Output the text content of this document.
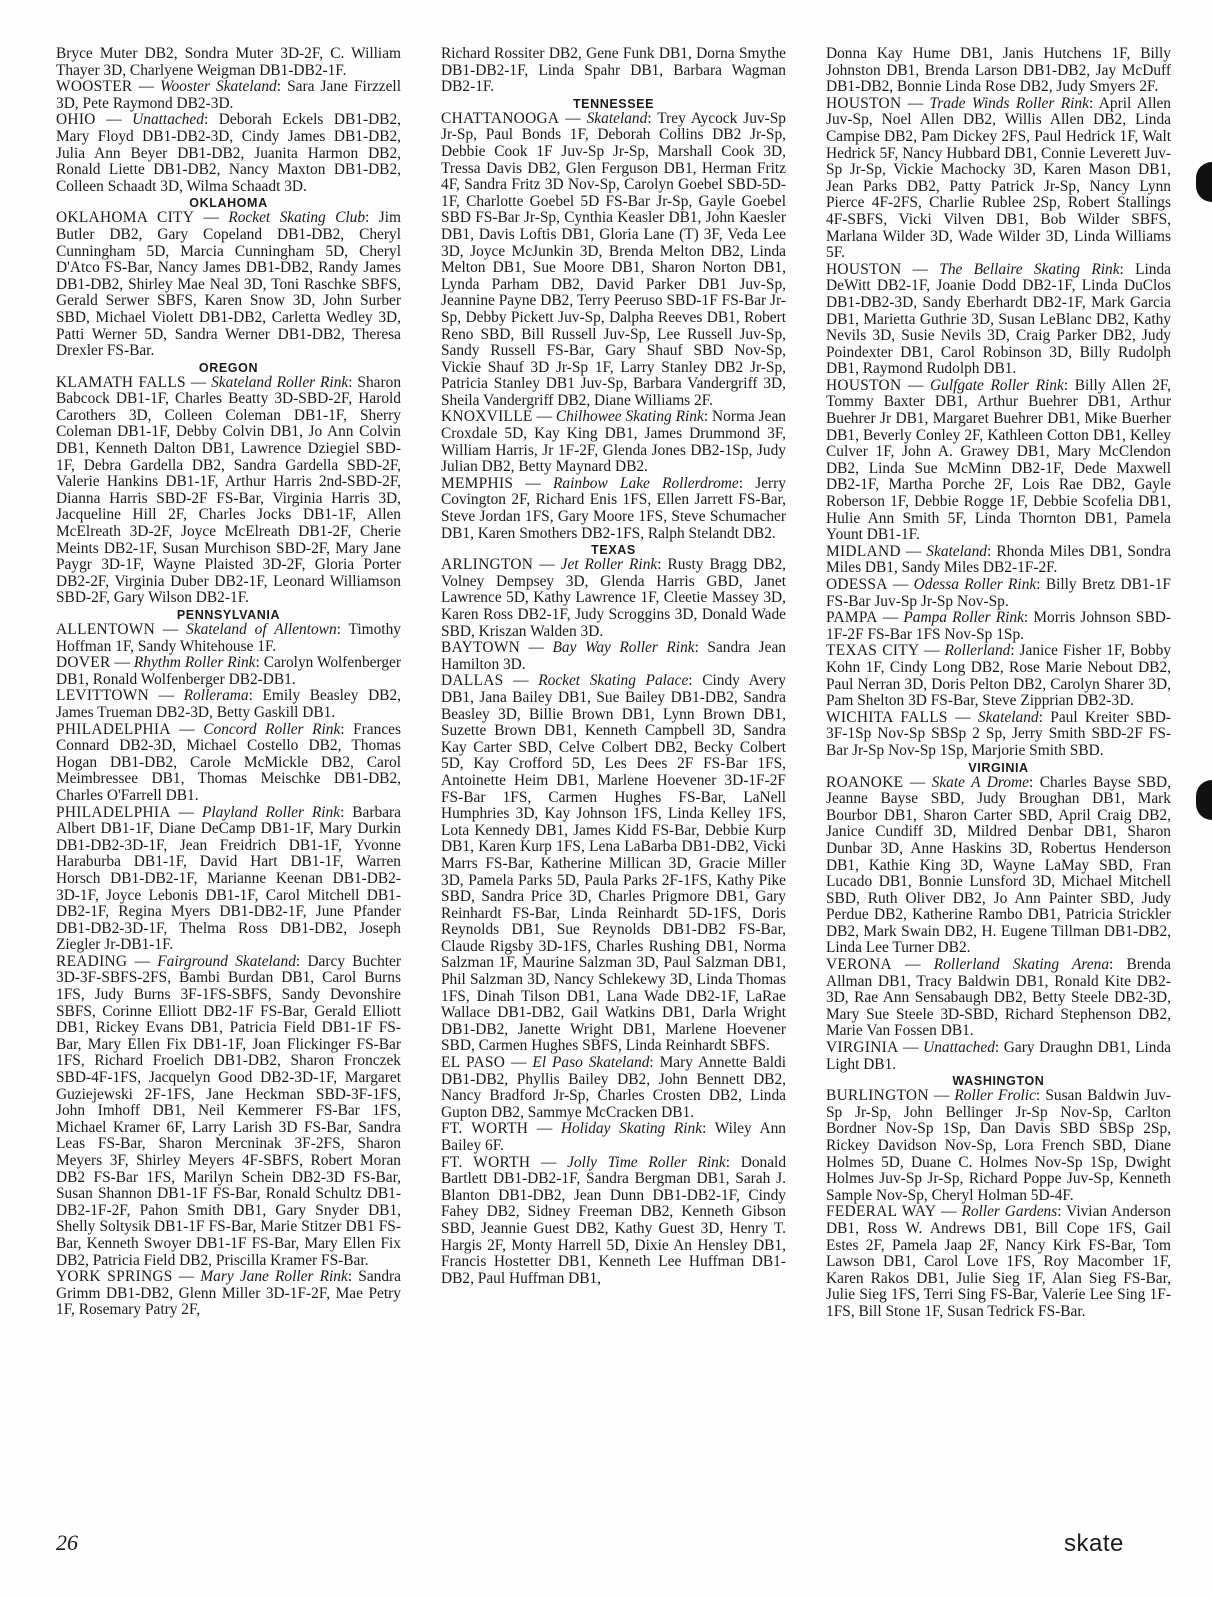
Bryce Muter DB2, Sondra Muter 3D-2F, C. William Thayer 3D, Charlyene Weigman DB1-DB2-1F.

WOOSTER — Wooster Skateland: Sara Jane Firzzell 3D, Pete Raymond DB2-3D.

OHIO — Unattached: Deborah Eckels DB1-DB2, Mary Floyd DB1-DB2-3D, Cindy James DB1-DB2, Julia Ann Beyer DB1-DB2, Juanita Harmon DB2, Ronald Liette DB1-DB2, Nancy Maxton DB1-DB2, Colleen Schaadt 3D, Wilma Schaadt 3D.

OKLAHOMA

OKLAHOMA CITY — Rocket Skating Club: Jim Butler DB2, Gary Copeland DB1-DB2, Cheryl Cunningham 5D, Marcia Cunningham 5D, Cheryl D'Atco FS-Bar, Nancy James DB1-DB2, Randy James DB1-DB2, Shirley Mae Neal 3D, Toni Raschke SBFS, Gerald Serwer SBFS, Karen Snow 3D, John Surber SBD, Michael Violett DB1-DB2, Carletta Wedley 3D, Patti Werner 5D, Sandra Werner DB1-DB2, Theresa Drexler FS-Bar.

OREGON

KLAMATH FALLS — Skateland Roller Rink: Sharon Babcock DB1-1F, Charles Beatty 3D-SBD-2F, Harold Carothers 3D, Colleen Coleman DB1-1F, Sherry Coleman DB1-1F, Debby Colvin DB1, Jo Ann Colvin DB1, Kenneth Dalton DB1, Lawrence Dziegiel SBD-1F, Debra Gardella DB2, Sandra Gardella SBD-2F, Valerie Hankins DB1-1F, Arthur Harris 2nd-SBD-2F, Dianna Harris SBD-2F FS-Bar, Virginia Harris 3D, Jacqueline Hill 2F, Charles Jocks DB1-1F, Allen McElreath 3D-2F, Joyce McElreath DB1-2F, Cherie Meints DB2-1F, Susan Murchison SBD-2F, Mary Jane Paygr 3D-1F, Wayne Plaisted 3D-2F, Gloria Porter DB2-2F, Virginia Duber DB2-1F, Leonard Williamson SBD-2F, Gary Wilson DB2-1F.

PENNSYLVANIA

ALLENTOWN — Skateland of Allentown: Timothy Hoffman 1F, Sandy Whitehouse 1F.

DOVER — Rhythm Roller Rink: Carolyn Wolfenberger DB1, Ronald Wolfenberger DB2-DB1.

LEVITTOWN — Rollerama: Emily Beasley DB2, James Trueman DB2-3D, Betty Gaskill DB1.

PHILADELPHIA — Concord Roller Rink: Frances Connard DB2-3D, Michael Costello DB2, Thomas Hogan DB1-DB2, Carole McMickle DB2, Carol Meimbressee DB1, Thomas Meischke DB1-DB2, Charles O'Farrell DB1.

PHILADELPHIA — Playland Roller Rink: Barbara Albert DB1-1F, Diane DeCamp DB1-1F, Mary Durkin DB1-DB2-3D-1F, Jean Freidrich DB1-1F, Yvonne Haraburba DB1-1F, David Hart DB1-1F, Warren Horsch DB1-DB2-1F, Marianne Keenan DB1-DB2-3D-1F, Joyce Lebonis DB1-1F, Carol Mitchell DB1-DB2-1F, Regina Myers DB1-DB2-1F, June Pfander DB1-DB2-3D-1F, Thelma Ross DB1-DB2, Joseph Ziegler Jr-DB1-1F.

READING — Fairground Skateland: Darcy Buchter 3D-3F-SBFS-2FS, Bambi Burdan DB1, Carol Burns 1FS, Judy Burns 3F-1FS-SBFS, Sandy Devonshire SBFS, Corinne Elliott DB2-1F FS-Bar, Gerald Elliott DB1, Rickey Evans DB1, Patricia Field DB1-1F FS-Bar, Mary Ellen Fix DB1-1F, Joan Flickinger FS-Bar 1FS, Richard Froelich DB1-DB2, Sharon Fronczek SBD-4F-1FS, Jacquelyn Good DB2-3D-1F, Margaret Guziejewski 2F-1FS, Jane Heckman SBD-3F-1FS, John Imhoff DB1, Neil Kemmerer FS-Bar 1FS, Michael Kramer 6F, Larry Larish 3D FS-Bar, Sandra Leas FS-Bar, Sharon Mercninak 3F-2FS, Sharon Meyers 3F, Shirley Meyers 4F-SBFS, Robert Moran DB2 FS-Bar 1FS, Marilyn Schein DB2-3D FS-Bar, Susan Shannon DB1-1F FS-Bar, Ronald Schultz DB1-DB2-1F-2F, Pahon Smith DB1, Gary Snyder DB1, Shelly Soltysik DB1-1F FS-Bar, Marie Stitzer DB1 FS-Bar, Kenneth Swoyer DB1-1F FS-Bar, Mary Ellen Fix DB2, Patricia Field DB2, Priscilla Kramer FS-Bar.

YORK SPRINGS — Mary Jane Roller Rink: Sandra Grimm DB1-DB2, Glenn Miller 3D-1F-2F, Mae Petry 1F, Rosemary Patry 2F,

Richard Rossiter DB2, Gene Funk DB1, Dorna Smythe DB1-DB2-1F, Linda Spahr DB1, Barbara Wagman DB2-1F.

TENNESSEE

CHATTANOOGA — Skateland: Trey Aycock Juv-Sp Jr-Sp, Paul Bonds 1F, Deborah Collins DB2 Jr-Sp, Debbie Cook 1F Juv-Sp Jr-Sp, Marshall Cook 3D, Tressa Davis DB2, Glen Ferguson DB1, Herman Fritz 4F, Sandra Fritz 3D Nov-Sp, Carolyn Goebel SBD-5D-1F, Charlotte Goebel 5D FS-Bar Jr-Sp, Gayle Goebel SBD FS-Bar Jr-Sp, Cynthia Keasler DB1, John Kaesler DB1, Davis Loftis DB1, Gloria Lane (T) 3F, Veda Lee 3D, Joyce McJunkin 3D, Brenda Melton DB2, Linda Melton DB1, Sue Moore DB1, Sharon Norton DB1, Lynda Parham DB2, David Parker DB1 Juv-Sp, Jeannine Payne DB2, Terry Peeruso SBD-1F FS-Bar Jr-Sp, Debby Pickett Juv-Sp, Dalpha Reeves DB1, Robert Reno SBD, Bill Russell Juv-Sp, Lee Russell Juv-Sp, Sandy Russell FS-Bar, Gary Shauf SBD Nov-Sp, Vickie Shauf 3D Jr-Sp 1F, Larry Stanley DB2 Jr-Sp, Patricia Stanley DB1 Juv-Sp, Barbara Vandergriff 3D, Sheila Vandergriff DB2, Diane Williams 2F.

KNOXVILLE — Chilhowee Skating Rink: Norma Jean Croxdale 5D, Kay King DB1, James Drummond 3F, William Harris, Jr 1F-2F, Glenda Jones DB2-1Sp, Judy Julian DB2, Betty Maynard DB2.

MEMPHIS — Rainbow Lake Rollerdrome: Jerry Covington 2F, Richard Enis 1FS, Ellen Jarrett FS-Bar, Steve Jordan 1FS, Gary Moore 1FS, Steve Schumacher DB1, Karen Smothers DB2-1FS, Ralph Stelandt DB2.

TEXAS

ARLINGTON — Jet Roller Rink: Rusty Bragg DB2, Volney Dempsey 3D, Glenda Harris GBD, Janet Lawrence 5D, Kathy Lawrence 1F, Cleetie Massey 3D, Karen Ross DB2-1F, Judy Scroggins 3D, Donald Wade SBD, Kriszan Walden 3D.

BAYTOWN — Bay Way Roller Rink: Sandra Jean Hamilton 3D.

DALLAS — Rocket Skating Palace: Cindy Avery DB1, Jana Bailey DB1, Sue Bailey DB1-DB2, Sandra Beasley 3D, Billie Brown DB1, Lynn Brown DB1, Suzette Brown DB1, Kenneth Campbell 3D, Sandra Kay Carter SBD, Celve Colbert DB2, Becky Colbert 5D, Kay Crofford 5D, Les Dees 2F FS-Bar 1FS, Antoinette Heim DB1, Marlene Hoevener 3D-1F-2F FS-Bar 1FS, Carmen Hughes FS-Bar, LaNell Humphries 3D, Kay Johnson 1FS, Linda Kelley 1FS, Lota Kennedy DB1, James Kidd FS-Bar, Debbie Kurp DB1, Karen Kurp 1FS, Lena LaBarba DB1-DB2, Vicki Marrs FS-Bar, Katherine Millican 3D, Gracie Miller 3D, Pamela Parks 5D, Paula Parks 2F-1FS, Kathy Pike SBD, Sandra Price 3D, Charles Prigmore DB1, Gary Reinhardt FS-Bar, Linda Reinhardt 5D-1FS, Doris Reynolds DB1, Sue Reynolds DB1-DB2 FS-Bar, Claude Rigsby 3D-1FS, Charles Rushing DB1, Norma Salzman 1F, Maurine Salzman 3D, Paul Salzman DB1, Phil Salzman 3D, Nancy Schlekewy 3D, Linda Thomas 1FS, Dinah Tilson DB1, Lana Wade DB2-1F, LaRae Wallace DB1-DB2, Gail Watkins DB1, Darla Wright DB1-DB2, Janette Wright DB1, Marlene Hoevener SBD, Carmen Hughes SBFS, Linda Reinhardt SBFS.

EL PASO — El Paso Skateland: Mary Annette Baldi DB1-DB2, Phyllis Bailey DB2, John Bennett DB2, Nancy Bradford Jr-Sp, Charles Crosten DB2, Linda Gupton DB2, Sammye McCracken DB1.

FT. WORTH — Holiday Skating Rink: Wiley Ann Bailey 6F.

FT. WORTH — Jolly Time Roller Rink: Donald Bartlett DB1-DB2-1F, Sandra Bergman DB1, Sarah J. Blanton DB1-DB2, Jean Dunn DB1-DB2-1F, Cindy Fahey DB2, Sidney Freeman DB2, Kenneth Gibson SBD, Jeannie Guest DB2, Kathy Guest 3D, Henry T. Hargis 2F, Monty Harrell 5D, Dixie An Hensley DB1, Francis Hostetter DB1, Kenneth Lee Huffman DB1-DB2, Paul Huffman DB1,

Donna Kay Hume DB1, Janis Hutchens 1F, Billy Johnston DB1, Brenda Larson DB1-DB2, Jay McDuff DB1-DB2, Bonnie Linda Rose DB2, Judy Smyers 2F.

HOUSTON — Trade Winds Roller Rink: April Allen Juv-Sp, Noel Allen DB2, Willis Allen DB2, Linda Campise DB2, Pam Dickey 2FS, Paul Hedrick 1F, Walt Hedrick 5F, Nancy Hubbard DB1, Connie Leverett Juv-Sp Jr-Sp, Vickie Machocky 3D, Karen Mason DB1, Jean Parks DB2, Patty Patrick Jr-Sp, Nancy Lynn Pierce 4F-2FS, Charlie Rublee 2Sp, Robert Stallings 4F-SBFS, Vicki Vilven DB1, Bob Wilder SBFS, Marlana Wilder 3D, Wade Wilder 3D, Linda Williams 5F.

HOUSTON — The Bellaire Skating Rink: Linda DeWitt DB2-1F, Joanie Dodd DB2-1F, Linda DuClos DB1-DB2-3D, Sandy Eberhardt DB2-1F, Mark Garcia DB1, Marietta Guthrie 3D, Susan LeBlanc DB2, Kathy Nevils 3D, Susie Nevils 3D, Craig Parker DB2, Judy Poindexter DB1, Carol Robinson 3D, Billy Rudolph DB1, Raymond Rudolph DB1.

HOUSTON — Gulfgate Roller Rink: Billy Allen 2F, Tommy Baxter DB1, Arthur Buehrer DB1, Arthur Buehrer Jr DB1, Margaret Buehrer DB1, Mike Buerher DB1, Beverly Conley 2F, Kathleen Cotton DB1, Kelley Culver 1F, John A. Grawey DB1, Mary McClendon DB2, Linda Sue McMinn DB2-1F, Dede Maxwell DB2-1F, Martha Porche 2F, Lois Rae DB2, Gayle Roberson 1F, Debbie Rogge 1F, Debbie Scofelia DB1, Hulie Ann Smith 5F, Linda Thornton DB1, Pamela Yount DB1-1F.

MIDLAND — Skateland: Rhonda Miles DB1, Sondra Miles DB1, Sandy Miles DB2-1F-2F.

ODESSA — Odessa Roller Rink: Billy Bretz DB1-1F FS-Bar Juv-Sp Jr-Sp Nov-Sp.

PAMPA — Pampa Roller Rink: Morris Johnson SBD-1F-2F FS-Bar 1FS Nov-Sp 1Sp.

TEXAS CITY — Rollerland: Janice Fisher 1F, Bobby Kohn 1F, Cindy Long DB2, Rose Marie Nebout DB2, Paul Nerran 3D, Doris Pelton DB2, Carolyn Sharer 3D, Pam Shelton 3D FS-Bar, Steve Zipprian DB2-3D.

WICHITA FALLS — Skateland: Paul Kreiter SBD-3F-1Sp Nov-Sp SBSp 2 Sp, Jerry Smith SBD-2F FS-Bar Jr-Sp Nov-Sp 1Sp, Marjorie Smith SBD.

VIRGINIA

ROANOKE — Skate A Drome: Charles Bayse SBD, Jeanne Bayse SBD, Judy Broughan DB1, Mark Bourbor DB1, Sharon Carter SBD, April Craig DB2, Janice Cundiff 3D, Mildred Denbar DB1, Sharon Dunbar 3D, Anne Haskins 3D, Robertus Henderson DB1, Kathie King 3D, Wayne LaMay SBD, Fran Lucado DB1, Bonnie Lunsford 3D, Michael Mitchell SBD, Ruth Oliver DB2, Jo Ann Painter SBD, Judy Perdue DB2, Katherine Rambo DB1, Patricia Strickler DB2, Mark Swain DB2, H. Eugene Tillman DB1-DB2, Linda Lee Turner DB2.

VERONA — Rollerland Skating Arena: Brenda Allman DB1, Tracy Baldwin DB1, Ronald Kite DB2-3D, Rae Ann Sensabaugh DB2, Betty Steele DB2-3D, Mary Sue Steele 3D-SBD, Richard Stephenson DB2, Marie Van Fossen DB1.

VIRGINIA — Unattached: Gary Draughn DB1, Linda Light DB1.

WASHINGTON

BURLINGTON — Roller Frolic: Susan Baldwin Juv-Sp Jr-Sp, John Bellinger Jr-Sp Nov-Sp, Carlton Bordner Nov-Sp 1Sp, Dan Davis SBD SBSp 2Sp, Rickey Davidson Nov-Sp, Lora French SBD, Diane Holmes 5D, Duane C. Holmes Nov-Sp 1Sp, Dwight Holmes Juv-Sp Jr-Sp, Richard Poppe Juv-Sp, Kenneth Sample Nov-Sp, Cheryl Holman 5D-4F.

FEDERAL WAY — Roller Gardens: Vivian Anderson DB1, Ross W. Andrews DB1, Bill Cope 1FS, Gail Estes 2F, Pamela Jaap 2F, Nancy Kirk FS-Bar, Tom Lawson DB1, Carol Love 1FS, Roy Macomber 1F, Karen Rakos DB1, Julie Sieg 1F, Alan Sieg FS-Bar, Julie Sieg 1FS, Terri Sing FS-Bar, Valerie Lee Sing 1F-1FS, Bill Stone 1F, Susan Tedrick FS-Bar.

26	skate
